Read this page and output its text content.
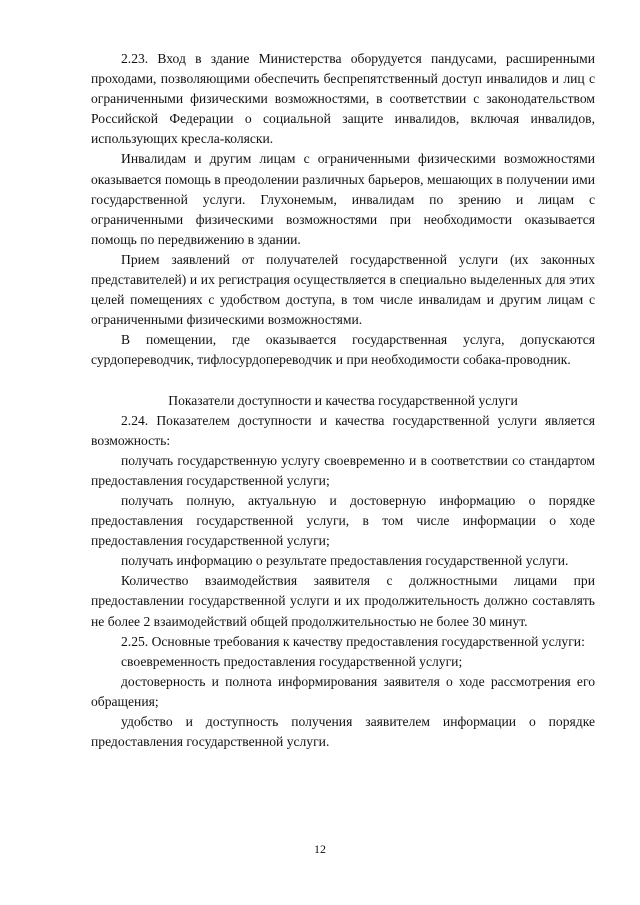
2.23. Вход в здание Министерства оборудуется пандусами, расширенными проходами, позволяющими обеспечить беспрепятственный доступ инвалидов и лиц с ограниченными физическими возможностями, в соответствии с законодательством Российской Федерации о социальной защите инвалидов, включая инвалидов, использующих кресла-коляски.

Инвалидам и другим лицам с ограниченными физическими возможностями оказывается помощь в преодолении различных барьеров, мешающих в получении ими государственной услуги. Глухонемым, инвалидам по зрению и лицам с ограниченными физическими возможностями при необходимости оказывается помощь по передвижению в здании.

Прием заявлений от получателей государственной услуги (их законных представителей) и их регистрация осуществляется в специально выделенных для этих целей помещениях с удобством доступа, в том числе инвалидам и другим лицам с ограниченными физическими возможностями.

В помещении, где оказывается государственная услуга, допускаются сурдопереводчик, тифлосурдопереводчик и при необходимости собака-проводник.

Показатели доступности и качества государственной услуги

2.24. Показателем доступности и качества государственной услуги является возможность:

получать государственную услугу своевременно и в соответствии со стандартом предоставления государственной услуги;

получать полную, актуальную и достоверную информацию о порядке предоставления государственной услуги, в том числе информации о ходе предоставления государственной услуги;

получать информацию о результате предоставления государственной услуги.

Количество взаимодействия заявителя с должностными лицами при предоставлении государственной услуги и их продолжительность должно составлять не более 2 взаимодействий общей продолжительностью не более 30 минут.

2.25. Основные требования к качеству предоставления государственной услуги:

своевременность предоставления государственной услуги;

достоверность и полнота информирования заявителя о ходе рассмотрения его обращения;

удобство и доступность получения заявителем информации о порядке предоставления государственной услуги.

12
